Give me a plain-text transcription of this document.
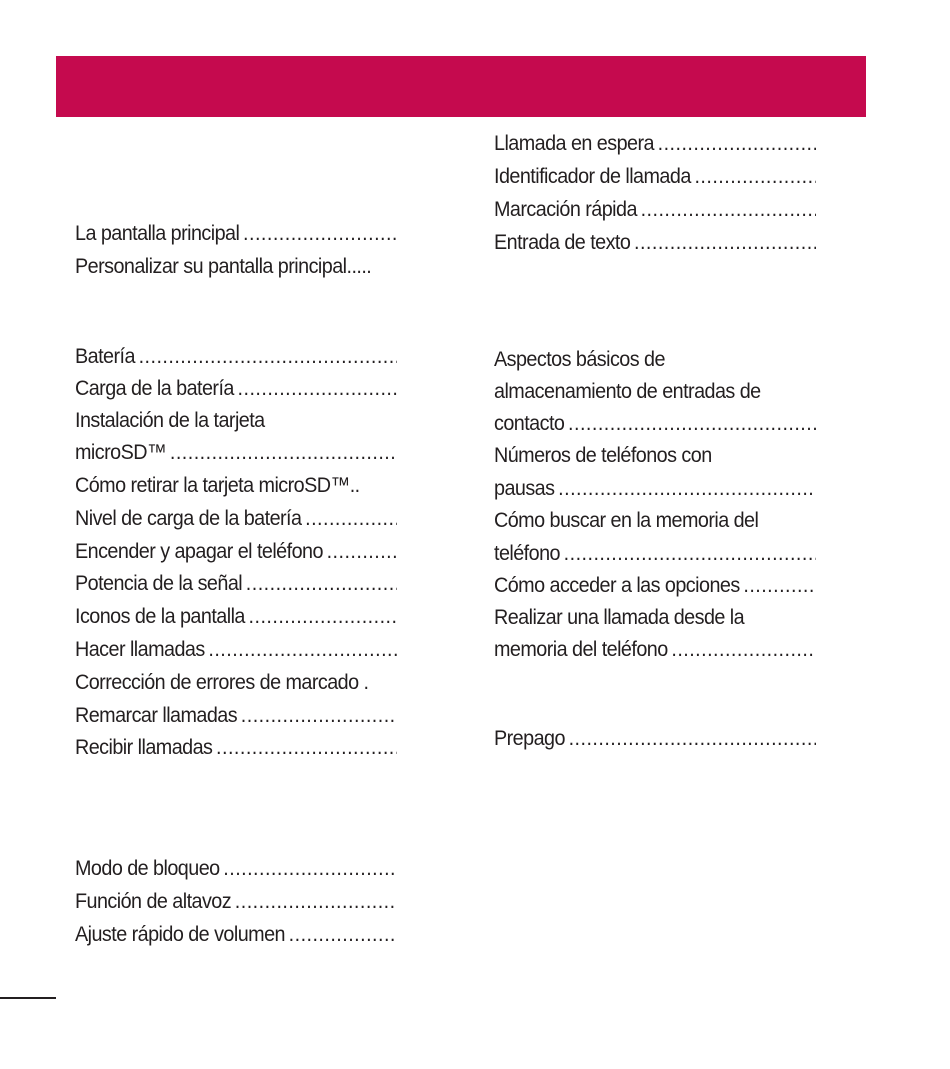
La pantalla principal
.....
Personalizar su pantalla principal.....
Batería
.....
Carga de la batería
.....
Instalación de la tarjeta
microSD™
.....
Cómo retirar la tarjeta microSD™..
Nivel de carga de la batería
.....
Encender y apagar el teléfono
.....
Potencia de la señal
.....
Iconos de la pantalla
.....
Hacer llamadas
.....
Corrección de errores de marcado .
Remarcar llamadas
.....
Recibir llamadas
.....
Modo de bloqueo
.....
Función de altavoz
.....
Ajuste rápido de volumen
.....
Llamada en espera
.....
Identificador de llamada
.....
Marcación rápida
.....
Entrada de texto
.....
Aspectos básicos de
almacenamiento de entradas de
contacto
.....
Números de teléfonos con
pausas
.....
Cómo buscar en la memoria del
teléfono
.....
Cómo acceder a las opciones
.....
Realizar una llamada desde la
memoria del teléfono
.....
Prepago
.....
